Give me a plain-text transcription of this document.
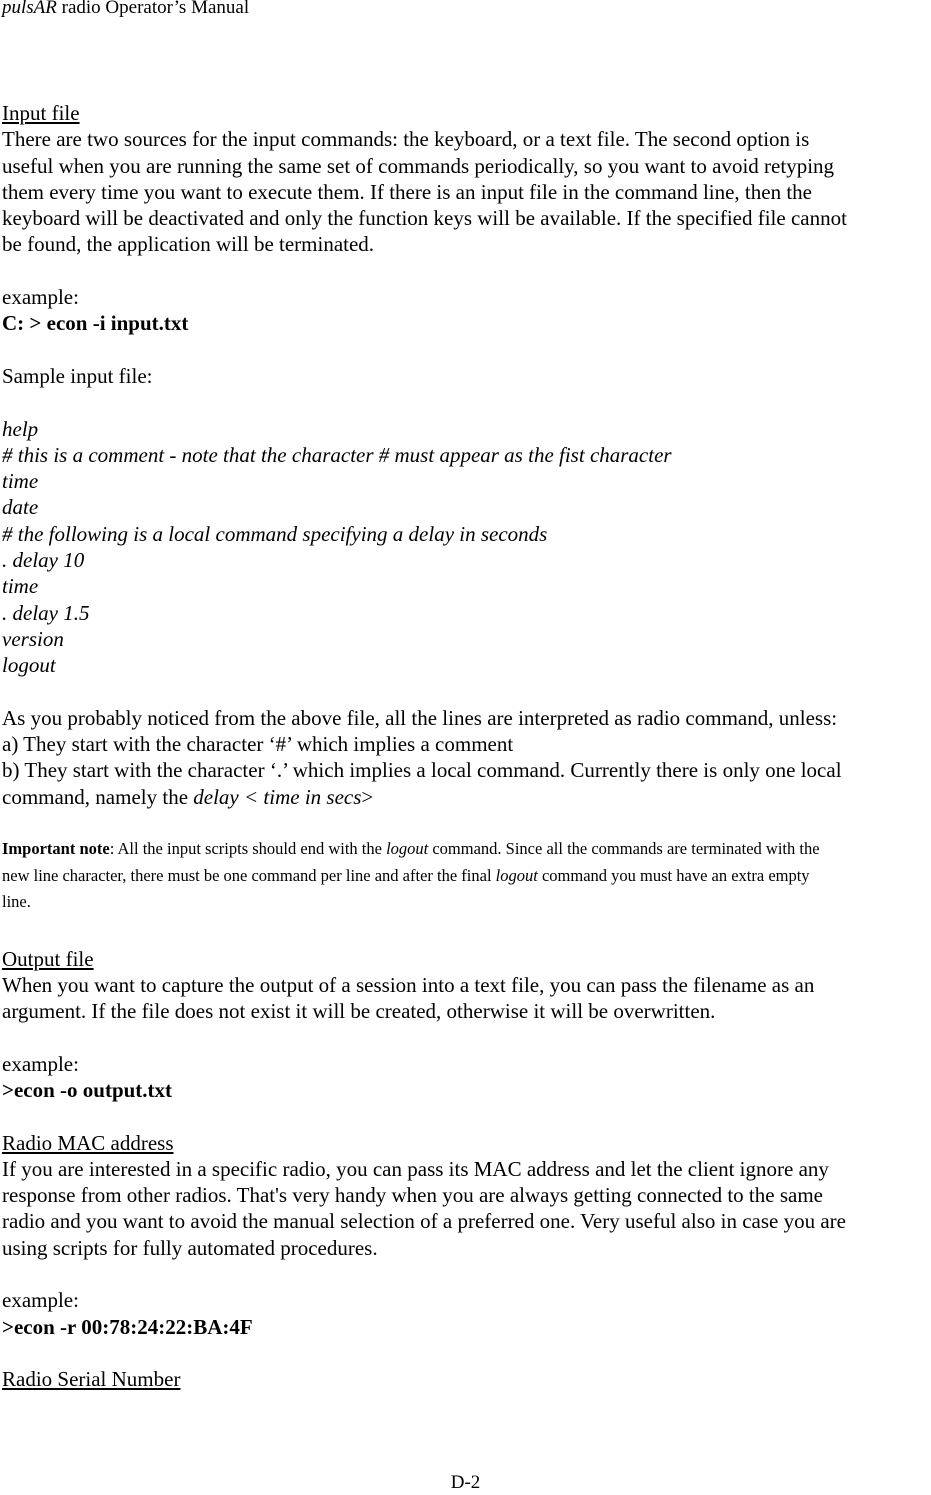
pulsAR radio Operator’s Manual
Input file
There are two sources for the input commands: the keyboard, or a text file. The second option is
useful when you are running the same set of commands periodically, so you want to avoid retyping
them every time you want to execute them. If there is an input file in the command line, then the
keyboard will be deactivated and only the function keys will be available. If the specified file cannot
be found, the application will be terminated.
example:
C: > econ -i input.txt
Sample input file:
help
# this is a comment - note that the character # must appear as the fist character
time
date
# the following is a local command specifying a delay in seconds
. delay 10
time
. delay 1.5
version
logout
As you probably noticed from the above file, all the lines are interpreted as radio command, unless:
a) They start with the character ‘#’ which implies a comment
b) They start with the character ‘.’ which implies a local command. Currently there is only one local
command, namely the delay < time in secs>
Important note: All the input scripts should end with the logout command. Since all the commands are terminated with the
new line character, there must be one command per line and after the final logout command you must have an extra empty
line.
Output file
When you want to capture the output of a session into a text file, you can pass the filename as an
argument. If the file does not exist it will be created, otherwise it will be overwritten.
example:
>econ -o output.txt
Radio MAC address
If you are interested in a specific radio, you can pass its MAC address and let the client ignore any
response from other radios. That's very handy when you are always getting connected to the same
radio and you want to avoid the manual selection of a preferred one. Very useful also in case you are
using scripts for fully automated procedures.
example:
>econ -r 00:78:24:22:BA:4F
Radio Serial Number
D-2
